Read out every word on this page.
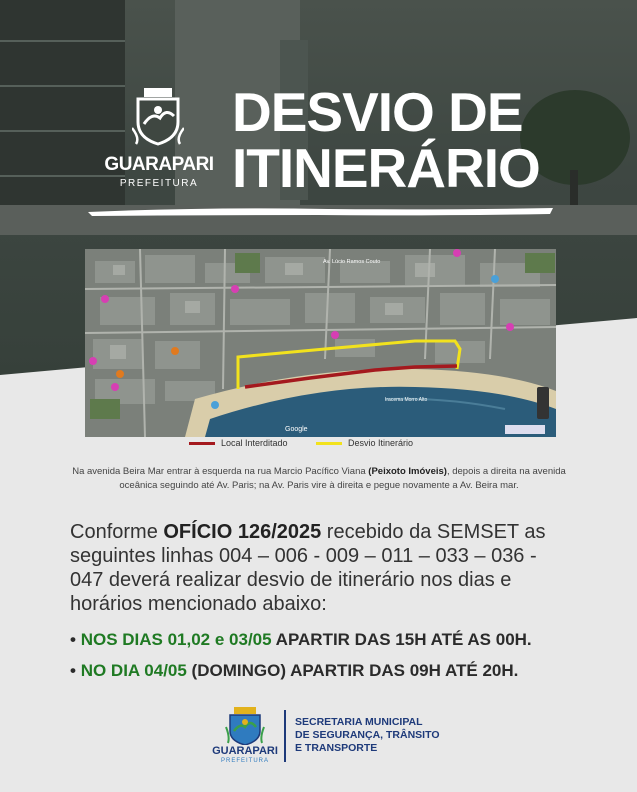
GUARAPARI
PREFEITURA
DESVIO DE
ITINERÁRIO
Av. Lúcio Ramos Couto
Iracema Morro Alto
Google
Local Interditado	Desvio Itinerário
Na avenida Beira Mar entrar à esquerda na rua Marcio Pacífico Viana (Peixoto Imóveis), depois a direita na avenida oceânica seguindo até Av. Paris; na Av. Paris vire à direita e pegue novamente a Av. Beira mar.
Conforme OFÍCIO 126/2025 recebido da SEMSET as seguintes linhas 004 – 006 - 009 – 011 – 033 – 036 - 047 deverá realizar desvio de itinerário nos dias e horários mencionado abaixo:
• NOS DIAS 01,02 e 03/05 APARTIR DAS 15H ATÉ AS 00H.
• NO DIA 04/05 (DOMINGO) APARTIR DAS 09H ATÉ 20H.
GUARAPARI
PREFEITURA
SECRETARIA MUNICIPAL
DE SEGURANÇA, TRÂNSITO
E TRANSPORTE
